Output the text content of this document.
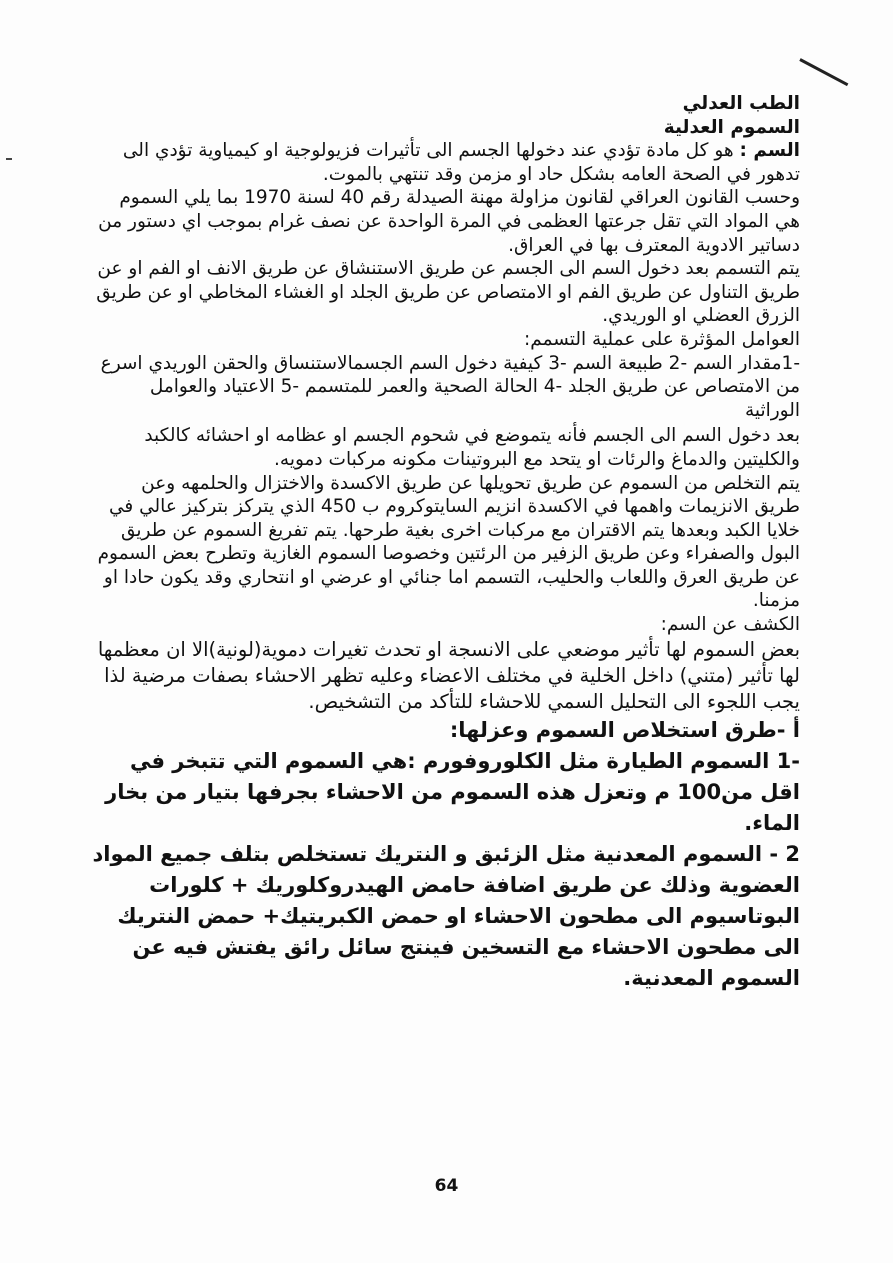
الطب العدلي

السموم العدلية

السم : هو كل مادة تؤدي عند دخولها الجسم الى تأثيرات فزيولوجية او كيمياوية تؤدي الى تدهور في الصحة العامه بشكل حاد او مزمن وقد تنتهي بالموت.

وحسب القانون العراقي لقانون مزاولة مهنة الصيدلة رقم 40 لسنة 1970 بما يلي السموم هي المواد التي تقل جرعتها العظمى في المرة الواحدة عن نصف غرام بموجب اي دستور من دساتير الادوية المعترف بها في العراق.

يتم التسمم بعد دخول السم الى الجسم عن طريق الاستنشاق عن طريق الانف او الفم او عن طريق التناول عن طريق الفم او الامتصاص عن طريق الجلد او الغشاء المخاطي او عن طريق الزرق العضلي او الوريدي.

العوامل المؤثرة على عملية التسمم:

-1مقدار السم -2 طبيعة السم -3 كيفية دخول السم الجسمالاستنساق والحقن الوريدي اسرع من الامتصاص عن طريق الجلد -4 الحالة الصحية والعمر للمتسمم -5 الاعتياد والعوامل الوراثية

بعد دخول السم الى الجسم فأنه يتموضع في شحوم الجسم او عظامه او احشائه كالكبد والكليتين والدماغ والرئات او يتحد مع البروتينات مكونه مركبات دمويه.

يتم التخلص من السموم عن طريق تحويلها عن طريق الاكسدة والاختزال والحلمهه وعن طريق الانزيمات واهمها في الاكسدة انزيم السايتوكروم ب 450 الذي يتركز بتركيز عالي في خلايا الكبد وبعدها يتم الاقتران مع مركبات اخرى بغية طرحها. يتم تفريغ السموم عن طريق البول والصفراء وعن طريق الزفير من الرئتين وخصوصا السموم الغازية وتطرح بعض السموم عن طريق العرق واللعاب والحليب، التسمم اما جنائي او عرضي او انتحاري وقد يكون حادا او مزمنا.

الكشف عن السم:

بعض السموم لها تأثير موضعي على الانسجة او تحدث تغيرات دموية(لونية)الا ان معظمها لها تأثير (متني) داخل الخلية في مختلف الاعضاء وعليه تظهر الاحشاء بصفات مرضية لذا يجب اللجوء الى التحليل السمي للاحشاء للتأكد من التشخيص.

أ -طرق استخلاص السموم وعزلها:

-1 السموم الطيارة مثل الكلوروفورم :هي السموم التي تتبخر في اقل من100 م وتعزل هذه السموم من الاحشاء بجرفها بتيار من بخار الماء.

2 - السموم المعدنية مثل الزئبق و النتريك تستخلص بتلف جميع المواد العضوية وذلك عن طريق اضافة حامض الهيدروكلوريك + كلورات البوتاسيوم الى مطحون الاحشاء او حمض الكبريتيك+ حمض النتريك الى مطحون الاحشاء مع التسخين فينتج سائل رائق يفتش فيه عن السموم المعدنية.

64
